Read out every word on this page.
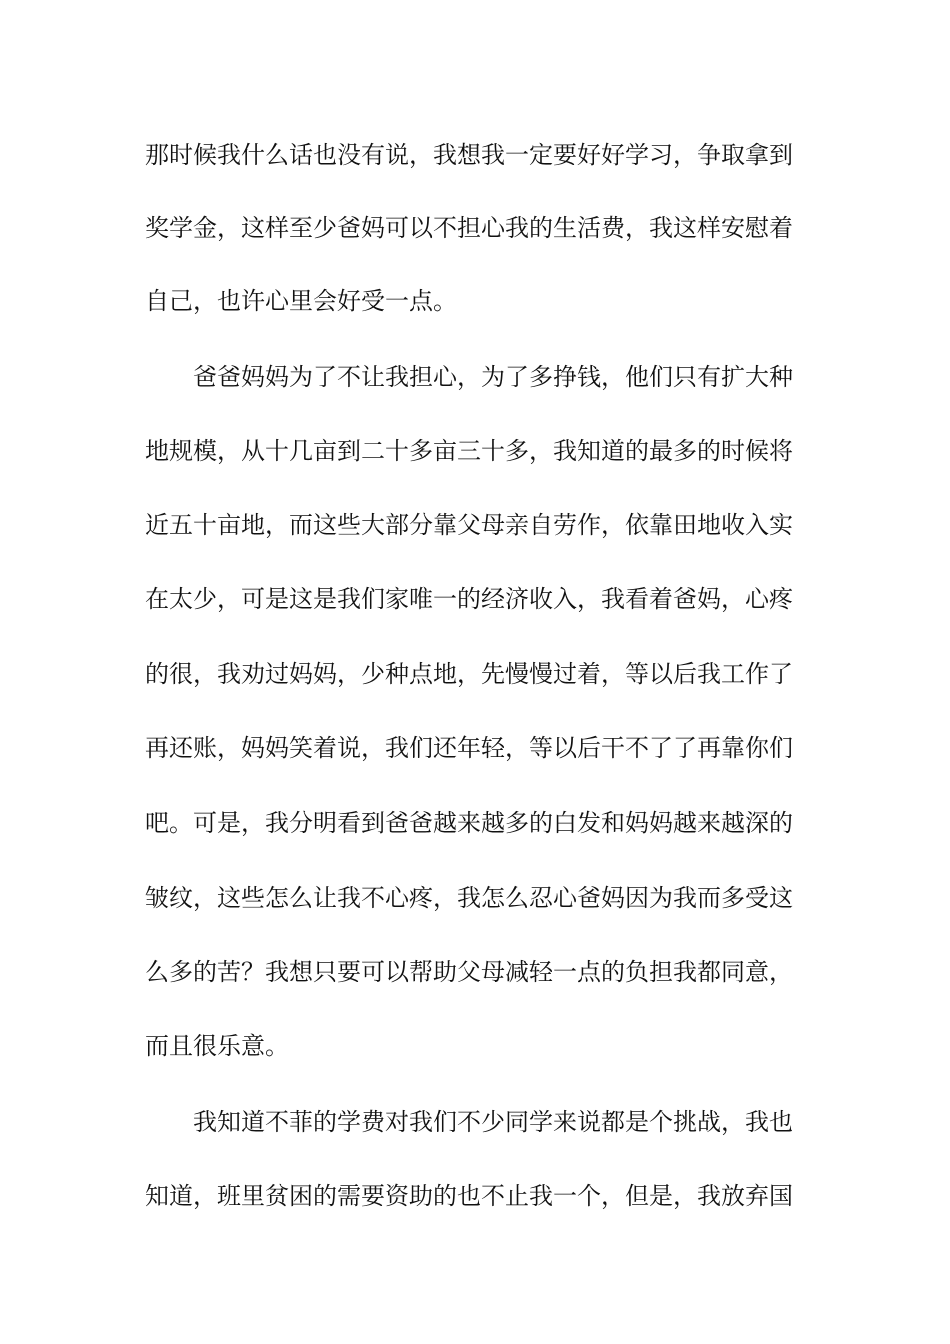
那时候我什么话也没有说，我想我一定要好好学习，争取拿到
奖学金，这样至少爸妈可以不担心我的生活费，我这样安慰着
自己，也许心里会好受一点。
爸爸妈妈为了不让我担心，为了多挣钱，他们只有扩大种
地规模，从十几亩到二十多亩三十多，我知道的最多的时候将
近五十亩地，而这些大部分靠父母亲自劳作，依靠田地收入实
在太少，可是这是我们家唯一的经济收入，我看着爸妈，心疼
的很，我劝过妈妈，少种点地，先慢慢过着，等以后我工作了
再还账，妈妈笑着说，我们还年轻，等以后干不了了再靠你们
吧。可是，我分明看到爸爸越来越多的白发和妈妈越来越深的
皱纹，这些怎么让我不心疼，我怎么忍心爸妈因为我而多受这
么多的苦？我想只要可以帮助父母减轻一点的负担我都同意，
而且很乐意。
我知道不菲的学费对我们不少同学来说都是个挑战，我也
知道，班里贫困的需要资助的也不止我一个，但是，我放弃国
